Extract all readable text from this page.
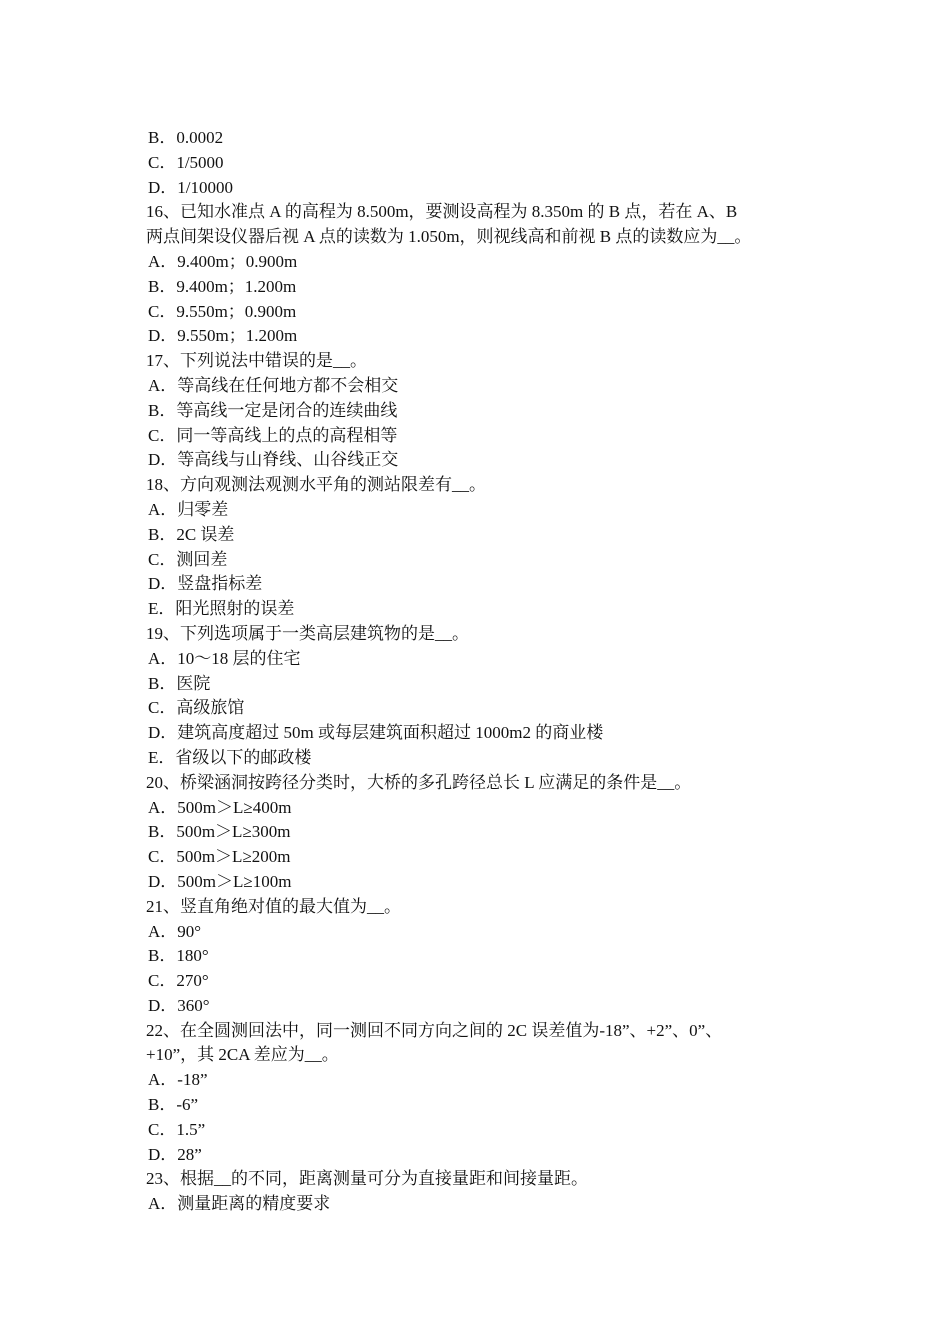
B．0.0002
C．1/5000
D．1/10000
16、已知水准点 A 的高程为 8.500m，要测设高程为 8.350m 的 B 点，若在 A、B
两点间架设仪器后视 A 点的读数为 1.050m，则视线高和前视 B 点的读数应为__。
A．9.400m；0.900m
B．9.400m；1.200m
C．9.550m；0.900m
D．9.550m；1.200m
17、下列说法中错误的是__。
A．等高线在任何地方都不会相交
B．等高线一定是闭合的连续曲线
C．同一等高线上的点的高程相等
D．等高线与山脊线、山谷线正交
18、方向观测法观测水平角的测站限差有__。
A．归零差
B．2C 误差
C．测回差
D．竖盘指标差
E．阳光照射的误差
19、下列选项属于一类高层建筑物的是__。
A．10～18 层的住宅
B．医院
C．高级旅馆
D．建筑高度超过 50m 或每层建筑面积超过 1000m2 的商业楼
E．省级以下的邮政楼
20、桥梁涵洞按跨径分类时，大桥的多孔跨径总长 L 应满足的条件是__。
A．500m＞L≥400m
B．500m＞L≥300m
C．500m＞L≥200m
D．500m＞L≥100m
21、竖直角绝对值的最大值为__。
A．90°
B．180°
C．270°
D．360°
22、在全圆测回法中，同一测回不同方向之间的 2C 误差值为-18”、+2”、0”、
+10”，其 2CA 差应为__。
A．-18”
B．-6”
C．1.5”
D．28”
23、根据__的不同，距离测量可分为直接量距和间接量距。
A．测量距离的精度要求
